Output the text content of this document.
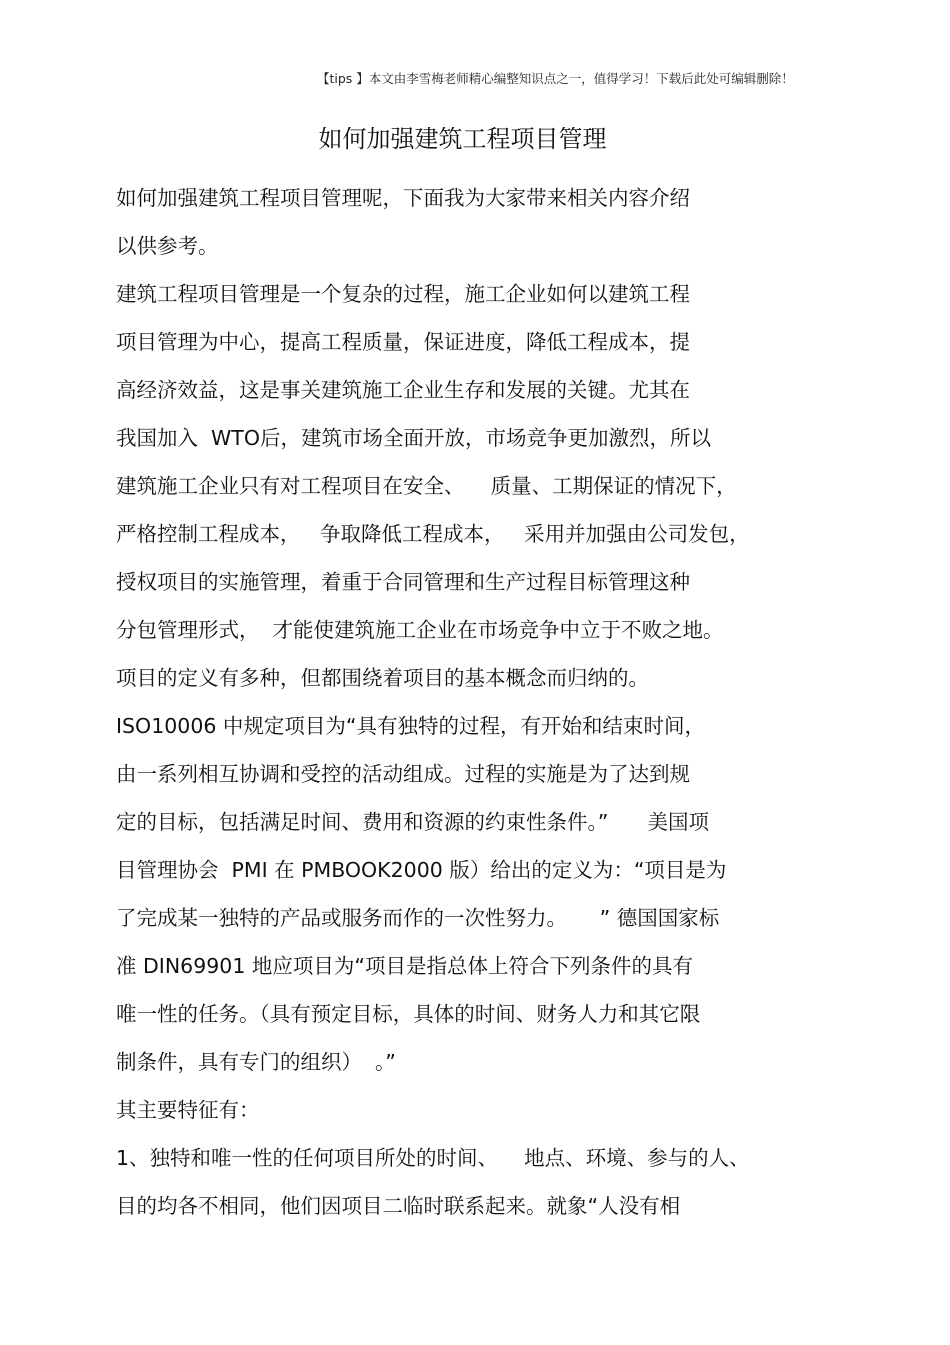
【tips 】本文由李雪梅老师精心编整知识点之一，值得学习！下载后此处可编辑删除！
如何加强建筑工程项目管理
如何加强建筑工程项目管理呢，下面我为大家带来相关内容介绍
以供参考。
建筑工程项目管理是一个复杂的过程，施工企业如何以建筑工程
项目管理为中心，提高工程质量，保证进度，降低工程成本，提
高经济效益，这是事关建筑施工企业生存和发展的关键。尤其在
我国加入  WTO后，建筑市场全面开放，市场竞争更加激烈，所以
建筑施工企业只有对工程项目在安全、    质量、工期保证的情况下，
严格控制工程成本，   争取降低工程成本，   采用并加强由公司发包，
授权项目的实施管理，着重于合同管理和生产过程目标管理这种
分包管理形式，  才能使建筑施工企业在市场竞争中立于不败之地。
项目的定义有多种，但都围绕着项目的基本概念而归纳的。
ISO10006 中规定项目为“具有独特的过程，有开始和结束时间，
由一系列相互协调和受控的活动组成。过程的实施是为了达到规
定的目标，包括满足时间、费用和资源的约束性条件。”      美国项
目管理协会  PMI 在 PMBOOK2000 版）给出的定义为：“项目是为
了完成某一独特的产品或服务而作的一次性努力。     ” 德国国家标
准 DIN69901 地应项目为“项目是指总体上符合下列条件的具有
唯一性的任务。（具有预定目标，具体的时间、财务人力和其它限
制条件，具有专门的组织）  。”
其主要特征有：
1、独特和唯一性的任何项目所处的时间、    地点、环境、参与的人、
目的均各不相同，他们因项目二临时联系起来。就象“人没有相
